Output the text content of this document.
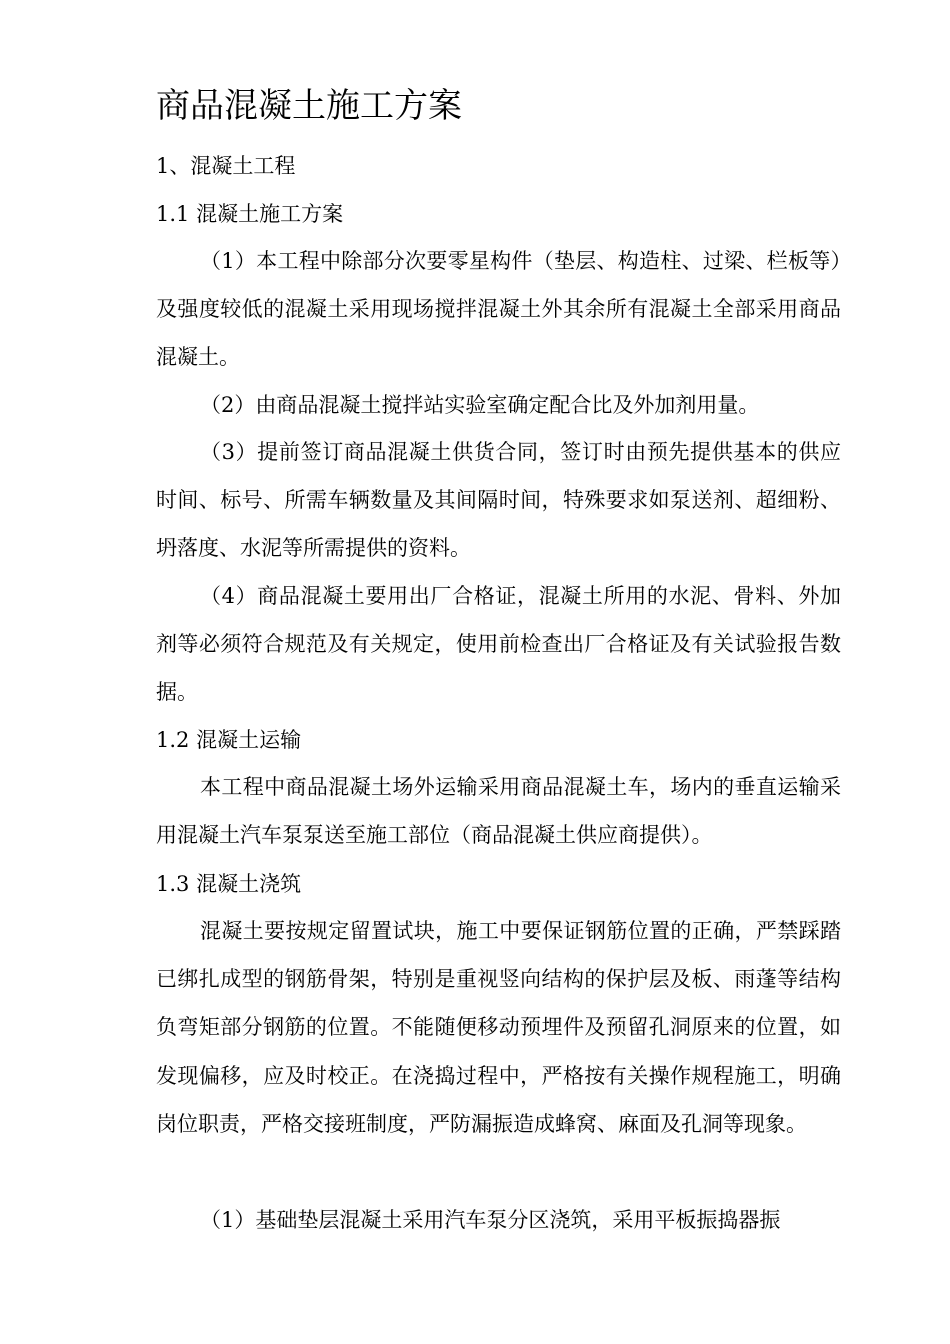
商品混凝土施工方案
1、混凝土工程
1.1 混凝土施工方案

（1）本工程中除部分次要零星构件（垫层、构造柱、过梁、栏板等）及强度较低的混凝土采用现场搅拌混凝土外其余所有混凝土全部采用商品混凝土。

（2）由商品混凝土搅拌站实验室确定配合比及外加剂用量。

（3）提前签订商品混凝土供货合同，签订时由预先提供基本的供应时间、标号、所需车辆数量及其间隔时间，特殊要求如泵送剂、超细粉、坍落度、水泥等所需提供的资料。

（4）商品混凝土要用出厂合格证，混凝土所用的水泥、骨料、外加剂等必须符合规范及有关规定，使用前检查出厂合格证及有关试验报告数据。

1.2 混凝土运输

本工程中商品混凝土场外运输采用商品混凝土车，场内的垂直运输采用混凝土汽车泵泵送至施工部位（商品混凝土供应商提供）。

1.3 混凝土浇筑

混凝土要按规定留置试块，施工中要保证钢筋位置的正确，严禁踩踏已绑扎成型的钢筋骨架，特别是重视竖向结构的保护层及板、雨蓬等结构负弯矩部分钢筋的位置。不能随便移动预埋件及预留孔洞原来的位置，如发现偏移，应及时校正。在浇捣过程中，严格按有关操作规程施工，明确岗位职责，严格交接班制度，严防漏振造成蜂窝、麻面及孔洞等现象。

（1）基础垫层混凝土采用汽车泵分区浇筑，采用平板振捣器振
